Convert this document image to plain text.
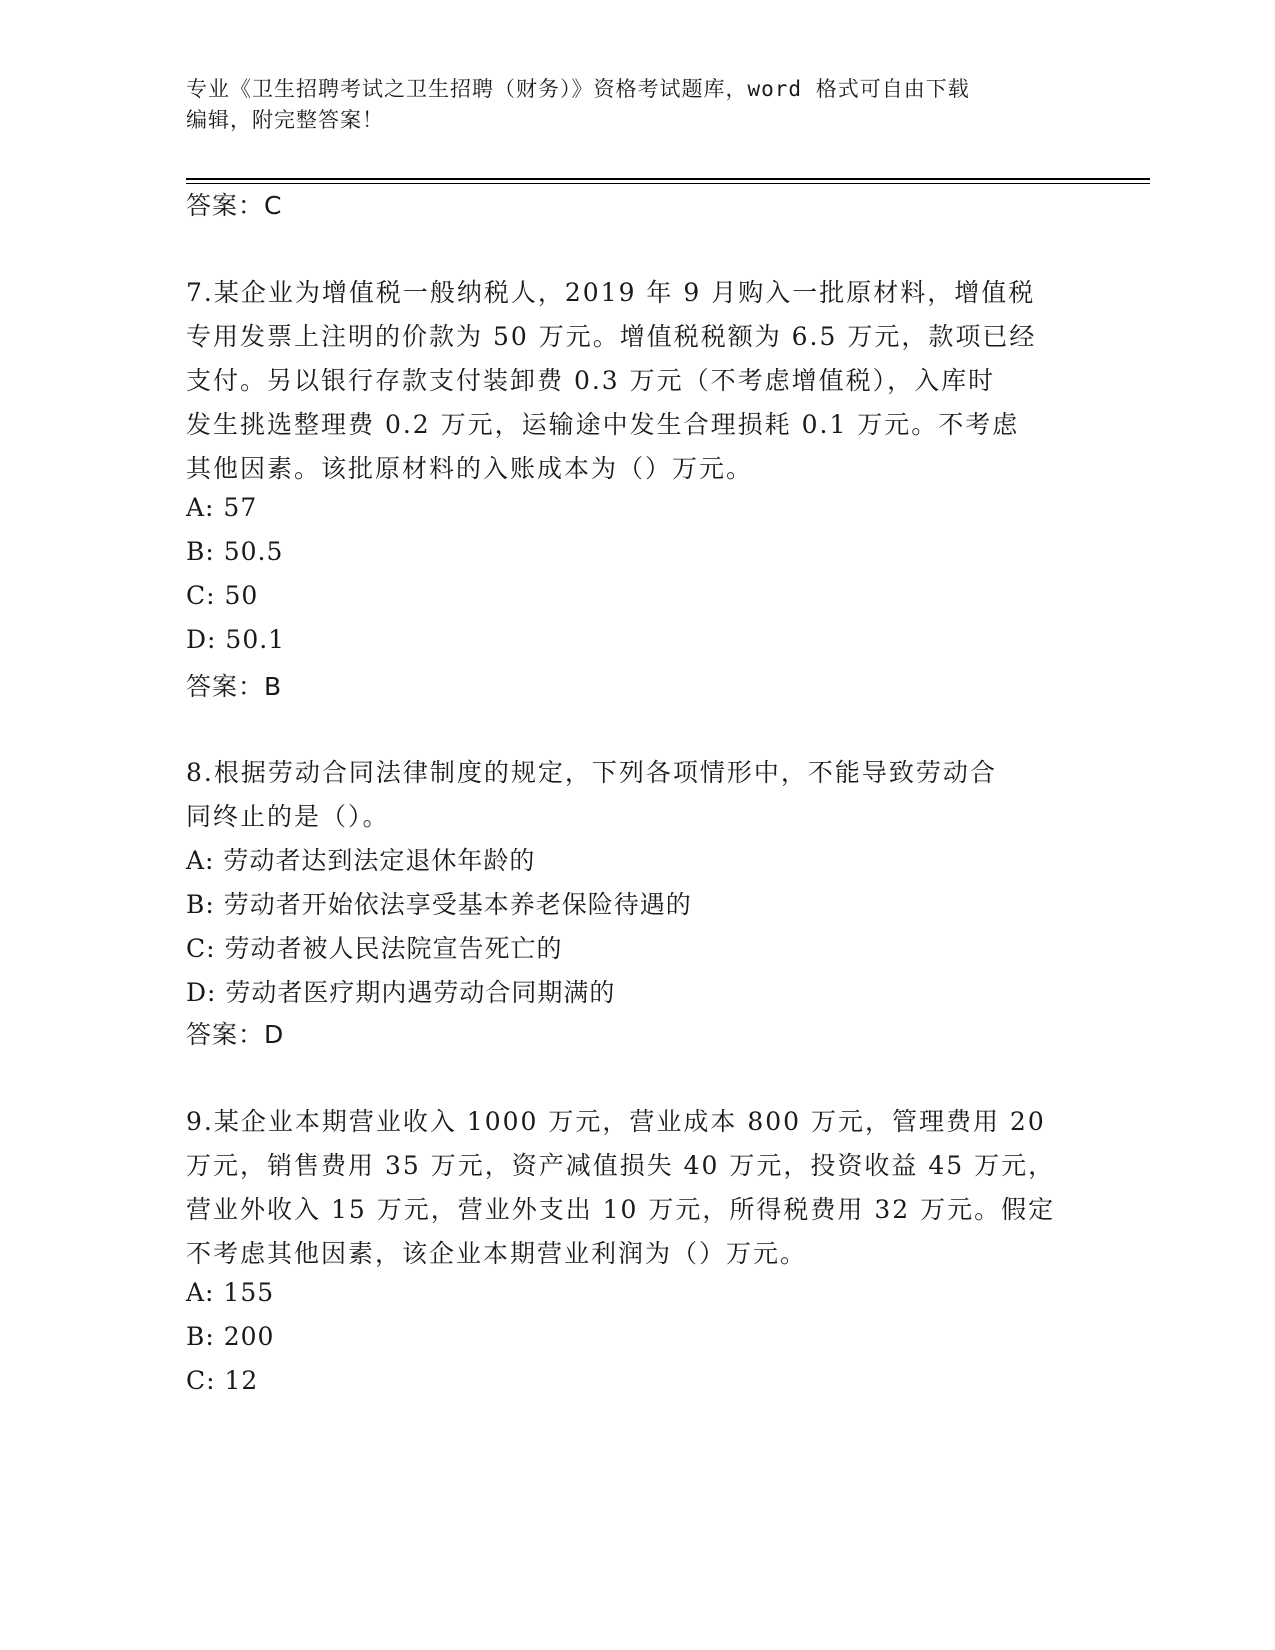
专业《卫生招聘考试之卫生招聘（财务）》资格考试题库，word 格式可自由下载
编辑，附完整答案！
答案：C
7.某企业为增值税一般纳税人，2019 年 9 月购入一批原材料，增值税
专用发票上注明的价款为 50 万元。增值税税额为 6.5 万元，款项已经
支付。另以银行存款支付装卸费 0.3 万元（不考虑增值税），入库时
发生挑选整理费 0.2 万元，运输途中发生合理损耗 0.1 万元。不考虑
其他因素。该批原材料的入账成本为（）万元。
A: 57
B: 50.5
C: 50
D: 50.1
答案：B
8.根据劳动合同法律制度的规定，下列各项情形中，不能导致劳动合
同终止的是（）。
A: 劳动者达到法定退休年龄的
B: 劳动者开始依法享受基本养老保险待遇的
C: 劳动者被人民法院宣告死亡的
D: 劳动者医疗期内遇劳动合同期满的
答案：D
9.某企业本期营业收入 1000 万元，营业成本 800 万元，管理费用 20
万元，销售费用 35 万元，资产减值损失 40 万元，投资收益 45 万元，
营业外收入 15 万元，营业外支出 10 万元，所得税费用 32 万元。假定
不考虑其他因素，该企业本期营业利润为（）万元。
A: 155
B: 200
C: 12
